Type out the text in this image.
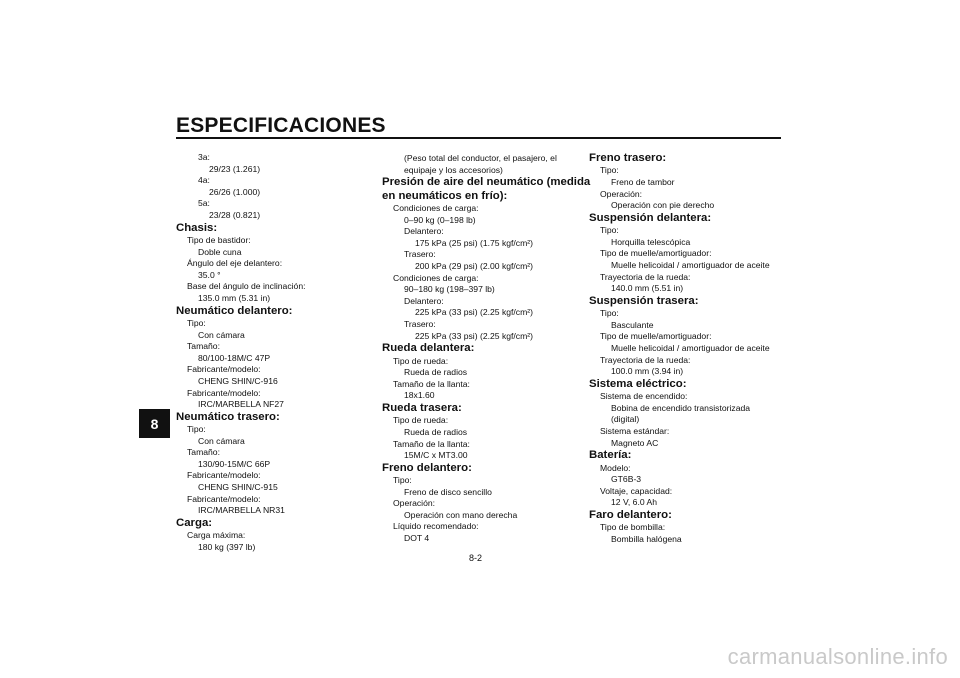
ESPECIFICACIONES
8
3a:
29/23 (1.261)
4a:
26/26 (1.000)
5a:
23/28 (0.821)
Chasis:
Tipo de bastidor:
Doble cuna
Ángulo del eje delantero:
35.0 °
Base del ángulo de inclinación:
135.0 mm (5.31 in)
Neumático delantero:
Tipo:
Con cámara
Tamaño:
80/100-18M/C 47P
Fabricante/modelo:
CHENG SHIN/C-916
Fabricante/modelo:
IRC/MARBELLA NF27
Neumático trasero:
Tipo:
Con cámara
Tamaño:
130/90-15M/C 66P
Fabricante/modelo:
CHENG SHIN/C-915
Fabricante/modelo:
IRC/MARBELLA NR31
Carga:
Carga máxima:
180 kg (397 lb)
(Peso total del conductor, el pasajero, el
equipaje y los accesorios)
Presión de aire del neumático (medida
en neumáticos en frío):
Condiciones de carga:
0–90 kg (0–198 lb)
Delantero:
175 kPa (25 psi) (1.75 kgf/cm²)
Trasero:
200 kPa (29 psi) (2.00 kgf/cm²)
Condiciones de carga:
90–180 kg (198–397 lb)
Delantero:
225 kPa (33 psi) (2.25 kgf/cm²)
Trasero:
225 kPa (33 psi) (2.25 kgf/cm²)
Rueda delantera:
Tipo de rueda:
Rueda de radios
Tamaño de la llanta:
18x1.60
Rueda trasera:
Tipo de rueda:
Rueda de radios
Tamaño de la llanta:
15M/C x MT3.00
Freno delantero:
Tipo:
Freno de disco sencillo
Operación:
Operación con mano derecha
Líquido recomendado:
DOT 4
Freno trasero:
Tipo:
Freno de tambor
Operación:
Operación con pie derecho
Suspensión delantera:
Tipo:
Horquilla telescópica
Tipo de muelle/amortiguador:
Muelle helicoidal / amortiguador de aceite
Trayectoria de la rueda:
140.0 mm (5.51 in)
Suspensión trasera:
Tipo:
Basculante
Tipo de muelle/amortiguador:
Muelle helicoidal / amortiguador de aceite
Trayectoria de la rueda:
100.0 mm (3.94 in)
Sistema eléctrico:
Sistema de encendido:
Bobina de encendido transistorizada
(digital)
Sistema estándar:
Magneto AC
Batería:
Modelo:
GT6B-3
Voltaje, capacidad:
12 V, 6.0 Ah
Faro delantero:
Tipo de bombilla:
Bombilla halógena
8-2
carmanualsonline.info
